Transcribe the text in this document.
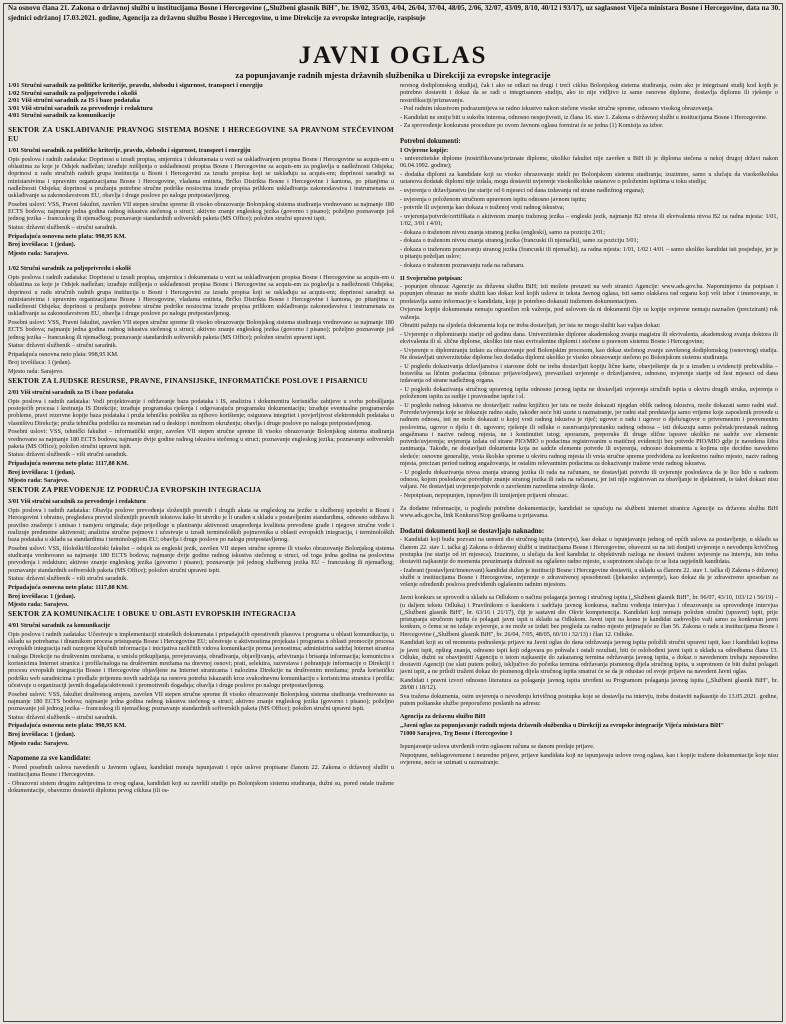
Na osnovu člana 21. Zakona o državnoj službi u institucijama Bosne i Hercegovine („Službeni glasnik BiH", br. 19/02, 35/03, 4/04, 26/04, 37/04, 48/05, 2/06, 32/07, 43/09, 8/10, 40/12 i 93/17), uz saglasnost Vijeća ministara Bosne i Hercegovine, data na 30. sjednici održanoj 17.03.2021. godine, Agencija za državnu službu Bosne i Hercegovine, u ime Direkcije za evropske integracije, raspisuje
JAVNI OGLAS
za popunjavanje radnih mjesta državnih službenika u Direkciji za evropske integracije
1/01 Stručni saradnik za političke kriterije, pravdu, slobodu i sigurnost, transport i energiju
1/02 Stručni saradnik za poljoprivredu i okoliš
2/01 Viši stručni saradnik za IS i baze podataka
3/01 Viši stručni saradnik za prevođenje i redakturu
4/01 Stručni saradnik za komunikacije

SEKTOR ZA USKLAĐIVANJE PRAVNOG SISTEMA BOSNE I HERCEGOVINE SA PRAVNOM STEČEVINOM EU

1/01 Stručni saradnik za političke kriterije, pravdu, slobodu i sigurnost, transport i energiju

Opis poslova i radnih zadataka: Doprinosi u izradi propisa, smjernica i dokumenata u vezi sa usklađivanjem propisa Bosne i Hercegovine sa acquis-em u oblastima za koje je Odsjek nadležan; izrađuje mišljenja o usklađenosti propisa Bosne i Hercegovine sa acquis-em za poglavlja u nadležnosti Odsjeka; doprinosi u radu stručnih radnih grupa institucija u Bosni i Hercegovini za izradu propisa koji se usklađuju sa acquis-em; doprinosi saradnji sa ministarstvima i upravnim organizacijama Bosne i Hercegovine, vladama entiteta, Brčko Distrikta Bosne i Hercegovine i kantona, po pitanjima u nadležnosti Odsjeka; doprinosi u pružanju potrebne stručne podrške nosiocima izrade propisa prilikom usklađivanja zakonodavstva i instrumenata za usklađivanje sa zakonodavstvom EU, obavlja i druge poslove po nalogu pretpostavljenog.

Posebni uslovi: VSS, Pravni fakultet, završen VII stepen stručne spreme ili visoko obrazovanje Bolonjskog sistema studiranja vrednovano sa najmanje 180 ECTS bodova; najmanje jedna godina radnog iskustva stečenog u struci; aktivno znanje engleskog jezika (govorno i pisano); poželjno poznavanje još jednog jezika – francuskog ili njemačkog; poznavanje standardnih softverskih paketa (MS Office); položen stručni upravni ispit.

Status: državni službenik – stručni saradnik.

Pripadajuća osnovna neto plata: 998,95 KM.

Broj izvršilaca: 1 (jedan).

Mjesto rada: Sarajevo.

1/02 Stručni saradnik za poljoprivredu i okoliš

Opis poslova i radnih zadataka: Doprinosi u izradi propisa, smjernica i dokumenata u vezi sa usklađivanjem propisa Bosne i Hercegovine sa acquis-em u oblastima za koje je Odsjek nadležan; izrađuje mišljenja o usklađenosti propisa Bosne i Hercegovine sa acquis-em za poglavlja u nadležnosti Odsjeka; doprinosi u radu stručnih radnih grupa institucija u Bosni i Hercegovini za izradu propisa koji se usklađuju sa acquis-em; doprinosi saradnji sa ministarstvima i upravnim organizacijama Bosne i Hercegovine, vladama entiteta, Brčko Distrikta Bosne i Hercegovine i kantona, po pitanjima u nadležnosti Odsjeka; doprinosi u pružanju potrebne stručne podrške nosiocima izrade propisa prilikom usklađivanja zakonodavstva i instrumenata za usklađivanje sa zakonodavstvom EU, obavlja i druge poslove po nalogu pretpostavljenog.

Posebni uslovi: VSS, Pravni fakultet, završen VII stepen stručne spreme ili visoko obrazovanje Bolonjskog sistema studiranja vrednovano sa najmanje 180 ECTS bodova; najmanje jedna godina radnog iskustva stečenog u struci; aktivno znanje engleskog jezika (govorno i pisano); poželjno poznavanje još jednog jezika – francuskog ili njemačkog; poznavanje standardnih softverskih paketa (MS Office); položen stručni upravni ispit.

Status: državni službenik – stručni saradnik.

Pripadajuća osnovna neto plata: 998,95 KM.

Broj izvršilaca: 1 (jedan).

Mjesto rada: Sarajevo.

SEKTOR ZA LJUDSKE RESURSE, PRAVNE, FINANSIJSKE, INFORMATIČKE POSLOVE I PISARNICU

2/01 Viši stručni saradnik za IS i baze podataka

Opis poslova i radnih zadataka: Vodi projektovanje i održavanje baza podataka i IS, analizira i dokumentira korisničke zahtjeve u svrhu pobošljanja postojećih procesa i kreiranja IS Direkcije; izrađuje programska rješenja i odgovarajuću programsku dokumentaciju; izrađuje eventualne programerske probleme, pravi rezervne kopije baza podataka i pruža tehničku podršku za njihovo korištenje; osigurava integritet i povjerljivost elektronskih podataka u vlasništvu Direkcije; pruža tehničku podršku za nesmetan rad u desktop i mrežnom okruženju; obavlja i druge poslove po nalogu pretpostavljenog.

Posebni uslovi: VSS, tehnički fakultet – informatički smjer, završen VII stepen stručne spreme ili visoko obrazovanje Bolonjskog sistema studiranja vrednovano sa najmanje 180 ECTS bodova; najmanje dvije godine radnog iskustva stečenog u struci; poznavanje engleskog jezika; poznavanje softverskih paketa (MS Office); položen stručni upravni ispit.

Status: državni službenik – viši stručni saradnik.

Pripadajuća osnovna neto plata: 1117,88 KM.

Broj izvršilaca: 1 (jedan).

Mjesto rada: Sarajevo.

SEKTOR ZA PREVOĐENJE IZ PODRUČJA EVROPSKIH INTEGRACIJA

3/01 Viši stručni saradnik za prevođenje i redakturu

Opis poslova i radnih zadataka: Obavlja poslove prevođenja složenijih pravnih i drugih akata sa engleskog na jezike u službenoj upotrebi u Bosni i Hercegovini i obratno, pregledava prevod složenijih pravnih tekstova kako bi utvrdio je li urađen u skladu s postavljenim standardima, odnosno održava li pravilno značenje i smisao i namjeru originala; daje prijedloge u planiranju aktivnosti unapređenja kvaliteta prevođene građe i njegove stručne vođe i realizuje predmetne aktivnosti; analizira stručne pojmove i učestvuje u izradi terminoloških pojmovnika u oblasti evropskih integracija, i terminoloških baza podataka u skladu sa standardima i terminologijom EU; obavlja i druge poslove po nalogu pretpostavljenog.

Posebni uslovi: VSS, filološki/filozofski fakultet – odsjek za engleski jezik, završen VII stepen stručne spreme ili visoko obrazovanje Bolonjskog sistema studiranja vrednovano sa najmanje 180 ECTS bodova; najmanje dvije godine radnog iskustva stečenog u struci, od toga jedna godina na poslovima prevođenja i redakture; aktivno znanje engleskog jezika (govorno i pisano); poznavanje još jednog službenog jezika EU – francuskog ili njemačkog; poznavanje standardnih softverskih paketa (MS Office); položen stručni upravni ispit.

Status: državni službenik – viši stručni saradnik.

Pripadajuća osnovna neto plata: 1117,88 KM.

Broj izvršilaca: 1 (jedan).

Mjesto rada: Sarajevo.

SEKTOR ZA KOMUNIKACIJE I OBUKE U OBLASTI EVROPSKIH INTEGRACIJA

4/01 Stručni saradnik za komunikacije

Opis poslova i radnih zadataka: Učestvuje u implementaciji strateških dokumenata i pripadajućih operativnih planova i programa u oblasti komunikacija, u skladu sa potrebama i dinamikom procesa pristupanja Bosne i Hercegovine EU; učestvuje u aktivnostima projekata i programa u oblasti promocije procesa evropskih integracija radi razmjene ključnih informacija i inicijativa različitih vidova komunikacije prema javnostima; administrira sadržaj Internet stranica i naloga Direkcije na društvenim mrežama, u smislu prikupljanja, provjeravanja, obrađivanja, objavljivanja, arhiviranja i brisanja informacija; komunicira s korisnicima Internet stranica i profila/naloga na društvenim mrežama na dnevnoj osnovi; prati, selektira, razvrstava i pohranjuje informacije o Direkciji i procesu evropskih integracija Bosne i Hercegovine objavljene na Internet stranicama i nalozima Direkcije na društvenim mrežama; pruža korisničku podršku web saradnicima i predlaže prijemnu novih sadržaja na osnovu potreba iskazanih kroz svakodnevnu komunikaciju s korisnicima stranica i profila; učestvuje u organizaciji javnih događaja/aktivnosti i promotivnih događaja; obavlja i druge poslove po nalogu pretpostavljenog.

Posebni uslovi: VSS, fakultet društvenog smjera, završen VII stepen stručne spreme ili visoko obrazovanje Bolonjskog sistema studiranja vrednovano sa najmanje 180 ECTS bodova; najmanje jedna godina radnog iskustva stečenog u struci; aktivno znanje engleskog jezika (govorno i pisano); poželjno poznavanje još jednog jezika – francuskog ili njemačkog; poznavanje standardnih softverskih paketa (MS Office); položen stručni upravni ispit.

Status: državni službenik – stručni saradnik.

Pripadajuća osnovna neto plata: 998,95 KM.

Broj izvršilaca: 1 (jedan).

Mjesto rada: Sarajevo.

Napomene za sve kandidate:

- Pored posebnih uslova navedenih u Javnom oglasu, kandidati moraju ispunjavati i opće uslove propisane članom 22. Zakona o državnoj službi u institucijama Bosne i Hercegovine.

- Obrazovni sistem drugim zahtjevima iz ovog oglasa, kandidati koji su završili studije po Bolonjskom sistemu studiranja, dužni su, pored ostale tražene dokumentacije, obavezno dostaviti diplomu prvog ciklusa (ili os-

novnog dodiplomskog studija), čak i ako se odlazi na drugi i treći ciklus Bolonjskog sistema studiranja, osim ako je integrisani studij kod kojih je potrebno dostaviti i dokaz da se radi o integrisanom studiju, ako to nije vidljivo iz same osnovne diplome, dostavlja diplomu ili rješenje o nostrifikaciji/priznavanju.

- Pod radnim iskustvom podrazumijeva se radno iskustvo nakon stečene visoke stručne spreme, odnosno visokog obrazovanja.

- Kandidati ne smiju biti u sukobu interesa, odnosno nespojivosti, iz člana 16. stav 1. Zakona o državnoj službi u institucijama Bosne i Hercegovine.

- Za sprovođenje konkursne procedure po ovom Javnom oglasu formirat će se jedna (1) Komisija za izbor.

Potrebni dokumenti:

I Ovjerene kopije:

- univerzitetske diplome (nostrifikovane/priznate diplome, ukoliko fakultet nije završen u BiH ili je diploma stečena u nekoj drugoj državi nakon 06.04.1992. godine);

- dodatka diplomi za kandidate koji su visoko obrazovanje stekli po Bolonjskom sistemu studiranja; izuzimno, samo u slučaju da visokoškolska ustanova dodatak diplomi nije izdala, mogu dostaviti uvjerenje visokoškolske ustanove o položenim ispitima u toku studija;

- uvjerenja o državljanstvu (ne starije od 6 mjeseci od dana izdavanja od strane nadležnog organa);

- uvjerenja o položenom stručnom upravnom ispitu odnosno javnom ispitu;

- potvrde ili uvjerenja kao dokaza o traženoj vrsti radnog iskustva;

- uvjerenja/potvrde/certifikata o aktivnom znanju traženog jezika – engleski jezik, najmanje B2 nivoa ili ekvivalenta nivoa B2 za radna mjesta: 1/01, 1/02, 3/01 i 4/01;

- dokaza o traženom nivou znanja stranog jezika (engleski), samo za poziciju 2/01;

- dokaza o traženom nivou znanja stranog jezika (francuski ili njemački), samo za poziciju 3/01;

- dokaza o traženom poznavanju stranog jezika (francuski ili njemački), za radna mjesta: 1/01, 1/02 i 4/01 – samo ukoliko kandidat isti posjeduje, jer je u pitanju poželjan uslov;

- dokaza o traženom poznavanju rada na računaru.

II Svojeručno potpisan:

- popunjen obrazac Agencije za državnu službu BiH; isti možete preuzeti na web stranici Agencije: www.ads.gov.ba. Napominjemo da potpisan i popunjen obrazac ne može služiti kao dokaz kod kojih uslova iz teksta Javnog oglasa, isti samo olakšava rad organu koji vrši izbor i imenovanje, te predstavlja samo informacije o kandidatu, koje je potrebno dokazati traženom dokumentacijom.

Ovjerene kopije dokumenata nemaju ograničen rok važenja, pod uslovom da ni dokumenti čije su kopije ovjerene nemaju naznačen (precizirani) rok važenja.

Obratiti pažnju na sljedeća dokumenta koja ne treba dostavljati, jer ista ne mogu služiti kao valjan dokaz:

- Uvjerenje o diplomiranju starije od godinu dana. Univerzitetske diplome akademskog zvanja magistra ili ekvivalenta, akademskog zvanja doktora ili ekvivalenta ili sl. slične diplome, ukoliko iste nisu evrivalentne diplomi i stečene u pravnom sistemu Bosne i Hercegovine;

- Uvjerenje o diplomiranju izdato za obrazovanje pod Bolonjskim procesom, kao dokaz stečenog zvanje završenog dodiplomskog (osnovnog) studija. Ne dostavljati univerzitetske diplome bez dodatka diplomi ukoliko je visoko obrazovanje stečeno po Bolonjskom sistemu studiranja.

- U pogledu dokazivanja državljanstva i starosne dobi ne treba dostavljati kopiju lične karte, obavještenje da je u izrađen u evidenciji prebivališta – boravišta sa ličnim podacima (obrazac prijave/odjave), prevazilazi uvjerenje o državljanstvu, odnosno, uvjerenje starije od šest mjeseci od dana izdavanja od strane nadležnog organa.

- U pogledu dokazivanja stručnog upravnog ispita odnosno javnog ispita ne dostavljati uvjerenja stručnih ispita u okviru drugih struka, uvjerenja o položenom ispitu za sudije i pravosudne ispite i sl.

- U pogledu radnog iskustva ne dostavljati: radnu knjižicu jer ista ne može dokazati njegdan oblik radnog iskustva, može dokazati samo radni staž. Potvrde/uvjerenja koje se dokazuje radno staže, također neće biti uzete u razmatranje, jer radni staž predstavlja samo vrijeme koje zaposlenik provede u radnom odnosu, isti ne može dokazati o kojoj vrsti radnog iskustva je riječ; ugovor o radu i ugovor o djelu/ugovor o privremenim i povremenim poslovima, ugovor o djelu i dr. ugovore; rješenje ili odluke o zasnivanju/prestanku radnog odnosa – isti dokazuju samo početak/prestanak radnog angažmana i nazive radnog mjesta, ne i kontinuitet istog; sporazum, preporuke ili druge slične isprave ukoliko ne sadrže sve elemente potvrde/uvjerenja; uvjerenja izdata od strane PIO/MIO o podacima registrovanim u matičnoj evidenciji bez potvrde PIO/MIO gdje je navedena šifra zanimanja. Takođe, ne dostavljati dokumenta koja ne sadrže elemente potvrde ili uvjerenja, odnosno dokumenta u kojima nije decidno navedeno sledeće: osnovne generalije, vrsta školske spreme u okviru radnog mjesta ili vrsta stručne spreme predviđena za konkretno radno mjesto, naziv radnog mjesta, precizan period radnog angažovanja, te ostalim relevantnim podacima za dokazivanje tražene vrste radnog iskustva.

- U pogledu dokazivanja nivoa znanja stranog jezika ili rada na računaru, ne dostavljati potvrdu ili uvjerenje poslodavca da je lice bilo u radnom odnosu, kojom poslodavac potvrđuje znanje stranog jezika ili rada na računaru, jer isti nije registrovan za obavljanje te djelatnosti, te takvi dokazi nisu valjani. Ne dostavljati uvjerenje/potvrde o završenim razredima strednje škole.

- Nepotpisan, nepopunjen, ispravljen ili izmijenjen prijavni obrazac.

Za dodatne informacije, u pogledu potrebne dokumentacije, kandidati se upućuju na službeni internet stranicu Agencije za državnu službu BiH www.ads.gov.ba, link Konkursi/Stop greškama u prijavama.

Dodatni dokumenti koji se dostavljaju naknadno:

- Kandidati koji budu pozvani na usmeni dio stručnog ispita (intervju), kao dokaz o ispunjavanju jednog od općih uslova za postavljenje, u skladu sa članom 22. stav 1. tačka g) Zakona o državnoj službi u institucijama Bosne i Hercegovine, obavezni su na isti donijeti uvjerenje o nevođenju krivičnog postupka (ne starije od tri mjeseca). Izuzimno, u slučaju da kod kandidat iz objektivnih razloga ne dostavi traženo uvjerenje na intervju, isto treba dostaviti najkasnije do momenta preuzimanja dužnosti na oglašeno radno mjesto, u suprotnom slučaju će se lista uspješnih kandidata.

- Izabrani (postavljeni/imenovani) kandidat dužan je instituciji Bosne i Hercegovine dostaviti, u skladu sa članom 22. stav 1. tačka d) Zakona o državnoj službi u institucijama Bosne i Hercegovine, uvjerenje o zdravstvenoj sposobnosti (ljekarsko uvjerenje), kao dokaz da je zdravstveno sposoban za vršenje određenih poslova predviđenih oglašenim radnim mjestom.

Javni konkurs se sprovodi u skladu sa Odlukom o načinu polaganja javnog i stručnog ispita („Službeni glasnik BiH", br. 96/07, 43/10, 103/12 i 56/19) – (u daljem tekstu Odluka) i Pravilnikom o karakteru i sadržaju javnog konkursa, načinu vođenja intervjua i obrazovanju sa sprovođenje intervjua („Službeni glasnik BiH", br. 63/16 i 21/17), čiji je sastavni dio Okvir kompetencija. Kandidati koji nemaju položen stručni (upravni) ispit, prije pristupanja stručnom ispitu će polagati javni ispit u skladu sa Odlukom. Javni ispit na kome je kandidat zadovoljio važi samo za konkretan javni konkurs, o čemu se ne izdaje uvjerenje, a ne može se izdati bez pregleda za radno mjesto prijmajuće se član 56. Zakona o radu u institucijama Bosne i Hercegovine („Službeni glasnik BiH", br. 26/04, 7/05, 48/05, 60/10 i 32/13) i član 12. Odluke.

Kandidati koji su od momenta podnošenja prijave na Javni oglas do dana održavanja javnog ispita položili stručni upravni ispit, kao i kandidati kojima je javni ispit, opšteg znanja, odnosno ispit koji odgovara po pohvalu i ostali rezultati, biti će oslobođeni javni ispit u skladu sa odredbama člana 13. Odluke, dužni su obavijestiti Agenciju o istom najkasnije do zakazanog termina održavanja javnog ispita, a dokaz o navedenom trebaju neposredno dostaviti Agenciji (ne slati putem pošte), isključivo do početka termina održavanja pismenog dijela stručnog ispita, u suprotnom će biti dužni polagati javni ispit, a ne priloži traženi dokaz do pismenog dijela stručnog ispita smatrat će se da je odustao od svoje prijave na navedeni Javni oglas.

Kandidati i pravni izvori odnosno literatura za polaganje javnog ispita utvrđeni su Programom polaganja javnog ispita („Službeni glasnik BiH", br. 28/08 i 18/12).

Sva tražena dokumenta, osim uvjerenja o nevođenju krivičnog postupka koje se dostavlja na intervju, treba dostaviti najkasnije do 13.05.2021. godine, putem poštanske službe preporučeno poslanih na adresu:

Agencija za državnu službu BiH

„Javni oglas za popunjavanje radnih mjesta državnih službenika u Direkciji za evropske integracije Vijeća ministara BiH"

71000 Sarajevo, Trg Bosne i Hercegovine 1

Ispunjavanje uslova utvrđenih ovim oglasom računa se danom predaje prijave.

Nepotpune, neblagovremene i neuredne prijave, prijave kandidata koji ne ispunjavaju uslove ovog oglasa, kao i kopije tražene dokumentacije koje nisu ovjerene, neće se uzimati u razmatranje.
